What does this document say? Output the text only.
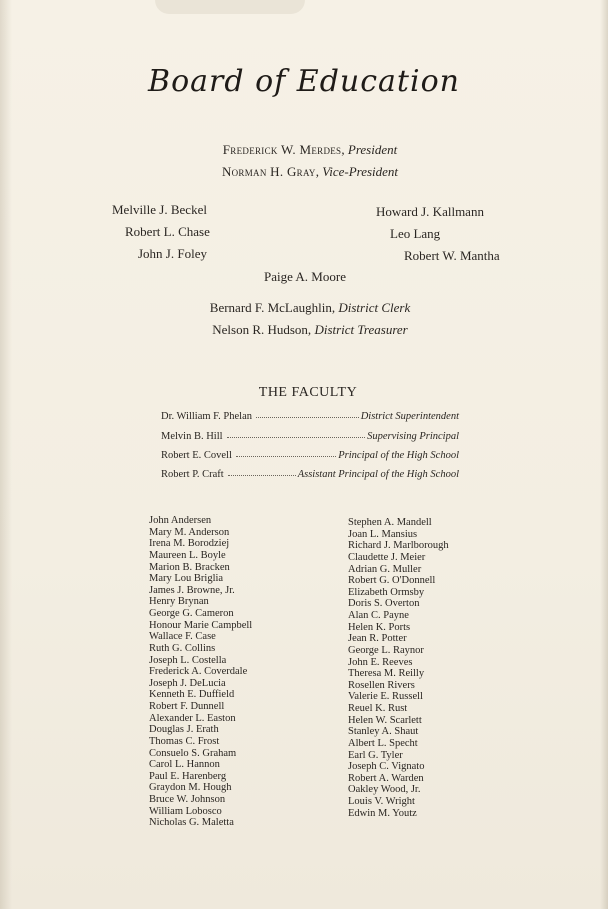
Board of Education
Frederick W. Merdes, President
Norman H. Gray, Vice-President
Melville J. Beckel
Robert L. Chase
John J. Foley
Howard J. Kallmann
Leo Lang
Robert W. Mantha
Paige A. Moore
Bernard F. McLaughlin, District Clerk
Nelson R. Hudson, District Treasurer
THE FACULTY
Dr. William F. Phelan	District Superintendent
Melvin B. Hill	Supervising Principal
Robert E. Covell	Principal of the High School
Robert P. Craft	Assistant Principal of the High School
John Andersen
Mary M. Anderson
Irena M. Borodziej
Maureen L. Boyle
Marion B. Bracken
Mary Lou Briglia
James J. Browne, Jr.
Henry Brynan
George G. Cameron
Honour Marie Campbell
Wallace F. Case
Ruth G. Collins
Joseph L. Costella
Frederick A. Coverdale
Joseph J. DeLucia
Kenneth E. Duffield
Robert F. Dunnell
Alexander L. Easton
Douglas J. Erath
Thomas C. Frost
Consuelo S. Graham
Carol L. Hannon
Paul E. Harenberg
Graydon M. Hough
Bruce W. Johnson
William Lobosco
Nicholas G. Maletta
Stephen A. Mandell
Joan L. Mansius
Richard J. Marlborough
Claudette J. Meier
Adrian G. Muller
Robert G. O'Donnell
Elizabeth Ormsby
Doris S. Overton
Alan C. Payne
Helen K. Ports
Jean R. Potter
George L. Raynor
John E. Reeves
Theresa M. Reilly
Rosellen Rivers
Valerie E. Russell
Reuel K. Rust
Helen W. Scarlett
Stanley A. Shaut
Albert L. Specht
Earl G. Tyler
Joseph C. Vignato
Robert A. Warden
Oakley Wood, Jr.
Louis V. Wright
Edwin M. Youtz
